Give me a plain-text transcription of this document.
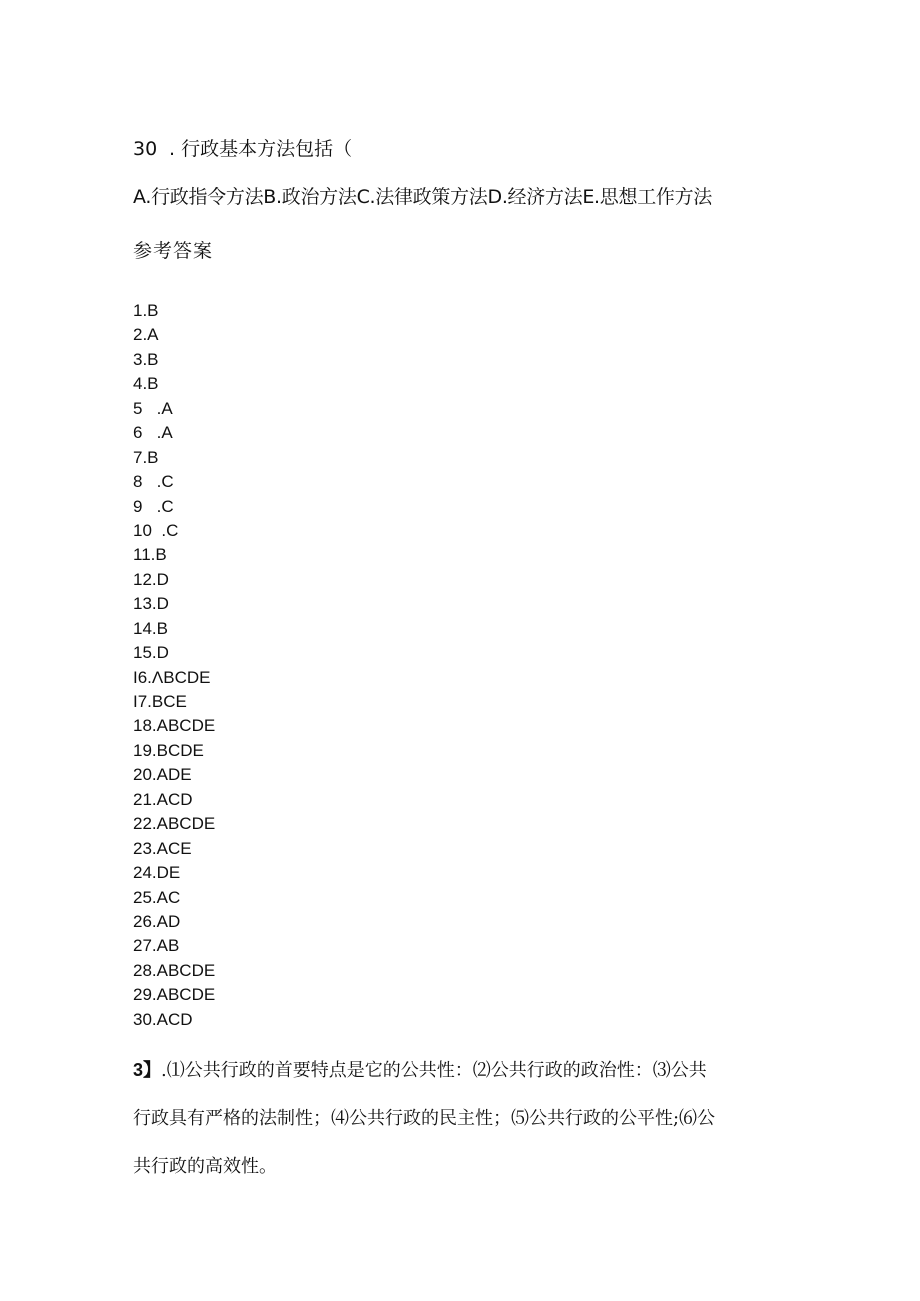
30 . 行政基本方法包括（
A.行政指令方法B.政治方法C.法律政策方法D.经济方法E.思想工作方法
参考答案
1.B
2.A
3.B
4.B
5   .A
6   .A
7.B
8   .C
9   .C
10  .C
11.B
12.D
13.D
14.B
15.D
I6.ΛBCDE
I7.BCE
18.ABCDE
19.BCDE
20.ADE
21.ACD
22.ABCDE
23.ACE
24.DE
25.AC
26.AD
27.AB
28.ABCDE
29.ABCDE
30.ACD

3】.⑴公共行政的首要特点是它的公共性：⑵公共行政的政治性：⑶公共

行政具有严格的法制性；⑷公共行政的民主性；⑸公共行政的公平性;⑹公

共行政的高效性。
